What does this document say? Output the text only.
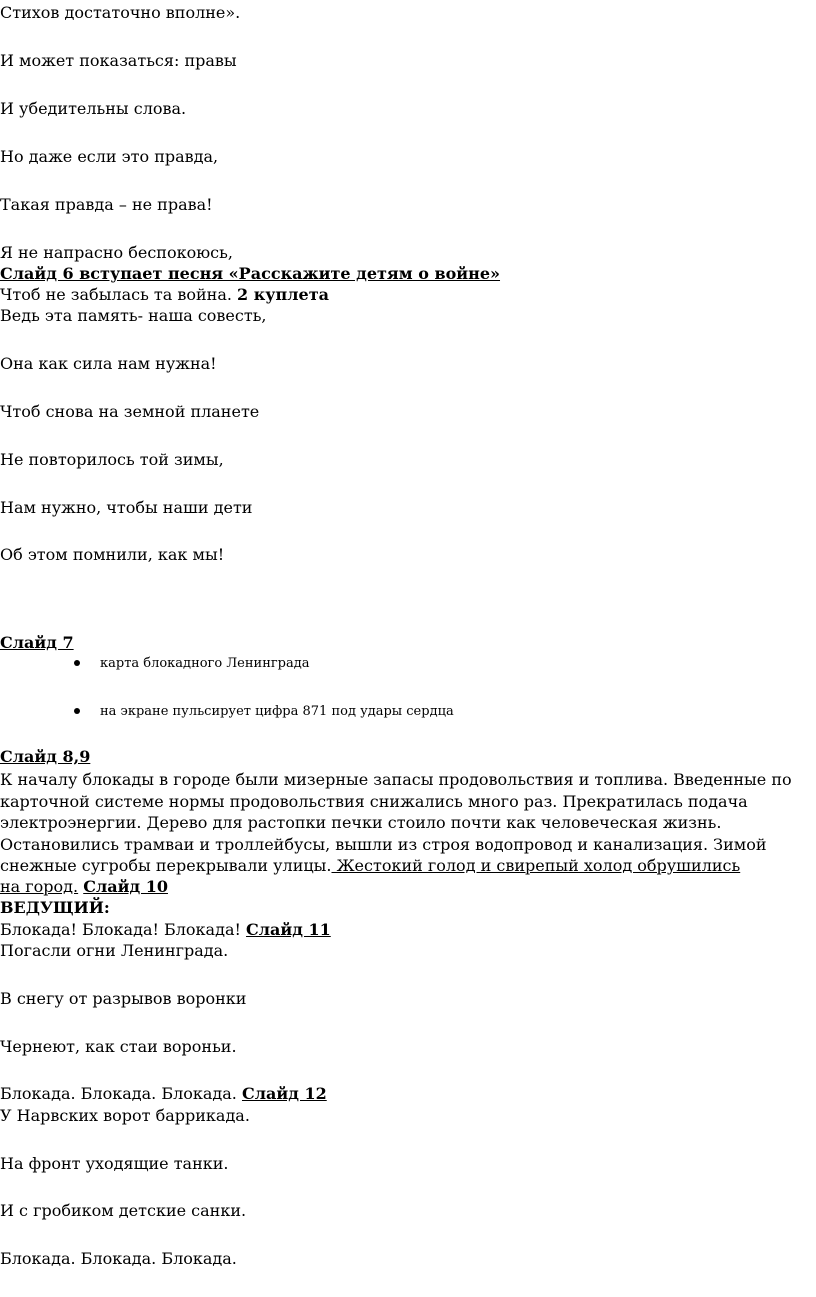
Стихов достаточно вполне».

И может показаться: правы

И убедительны слова.

Но даже если это правда,

Такая правда – не права!

Я не напрасно беспокоюсь,

Слайд 6 вступает песня «Расскажите детям о войне»

Чтоб не забылась та война. 2 куплета

Ведь эта память- наша совесть,

Она как сила нам нужна!

Чтоб снова на земной планете

Не повторилось той зимы,

Нам нужно, чтобы наши дети

Об этом помнили, как мы!

Слайд 7

карта блокадного Ленинграда
на экране пульсирует цифра 871 под удары сердца

Слайд 8,9

К началу блокады в городе были мизерные запасы продовольствия и топлива. Введенные по

карточной системе нормы продовольствия снижались много раз. Прекратилась подача

электроэнергии. Дерево для растопки печки стоило почти как человеческая жизнь.

Остановились трамваи и троллейбусы, вышли из строя водопровод и канализация. Зимой

снежные сугробы перекрывали улицы. Жестокий голод и свирепый холод обрушились

на город. Слайд 10

ВЕДУЩИЙ:

Блокада! Блокада! Блокада! Слайд 11

Погасли огни Ленинграда.

В снегу от разрывов воронки

Чернеют, как стаи вороньи.

Блокада. Блокада. Блокада. Слайд 12

У Нарвских ворот баррикада.

На фронт уходящие танки.

И с гробиком детские санки.

Блокада. Блокада. Блокада.
